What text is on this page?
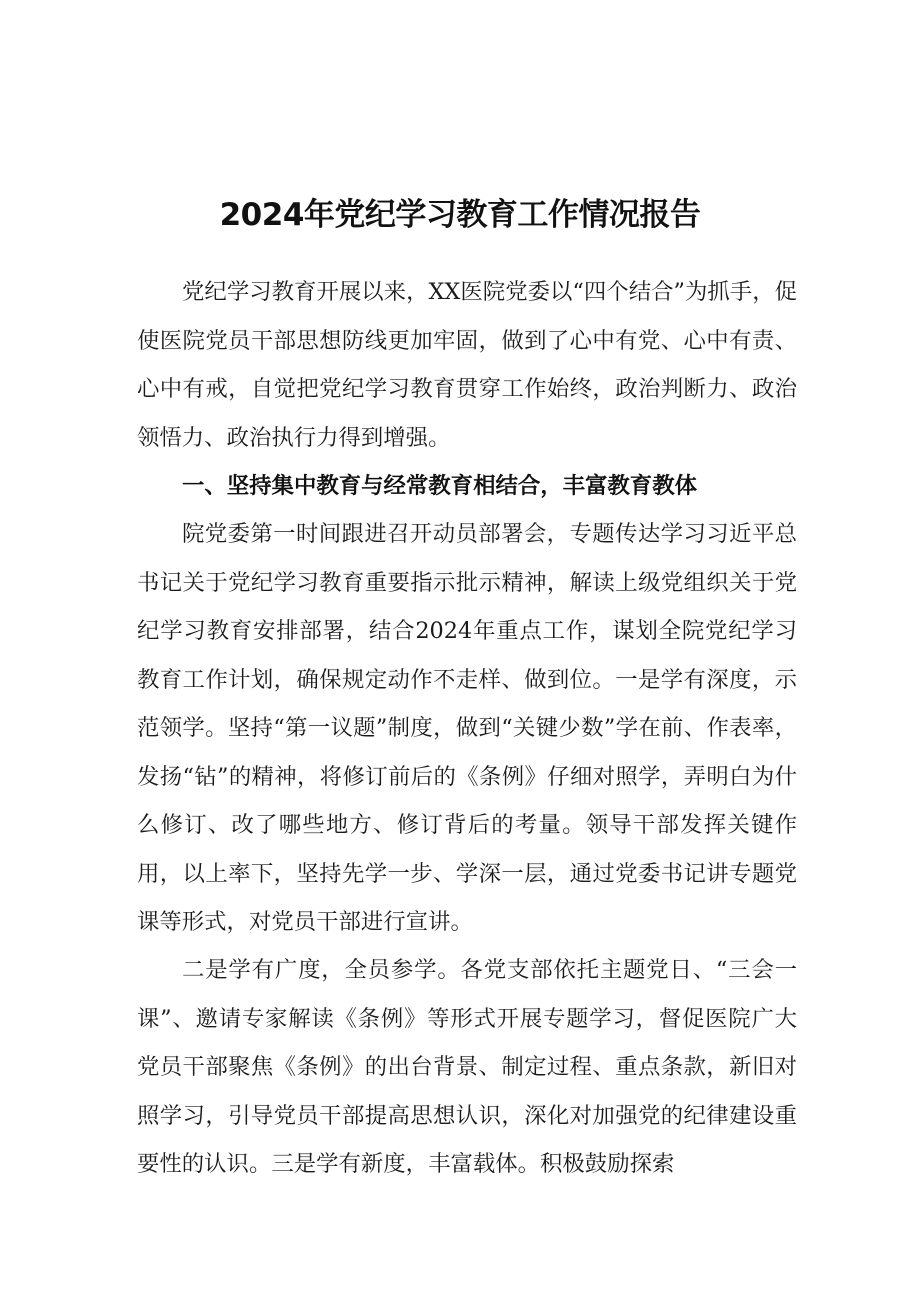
2024年党纪学习教育工作情况报告

党纪学习教育开展以来，XX医院党委以“四个结合”为抓手，促使医院党员干部思想防线更加牢固，做到了心中有党、心中有责、心中有戒，自觉把党纪学习教育贯穿工作始终，政治判断力、政治领悟力、政治执行力得到增强。

一、坚持集中教育与经常教育相结合，丰富教育教体

院党委第一时间跟进召开动员部署会，专题传达学习习近平总书记关于党纪学习教育重要指示批示精神，解读上级党组织关于党纪学习教育安排部署，结合2024年重点工作，谋划全院党纪学习教育工作计划，确保规定动作不走样、做到位。一是学有深度，示范领学。坚持“第一议题”制度，做到“关键少数”学在前、作表率，发扬“钻”的精神，将修订前后的《条例》仔细对照学，弄明白为什么修订、改了哪些地方、修订背后的考量。领导干部发挥关键作用，以上率下，坚持先学一步、学深一层，通过党委书记讲专题党课等形式，对党员干部进行宣讲。

二是学有广度，全员参学。各党支部依托主题党日、“三会一课”、邀请专家解读《条例》等形式开展专题学习，督促医院广大党员干部聚焦《条例》的出台背景、制定过程、重点条款，新旧对照学习，引导党员干部提高思想认识，深化对加强党的纪律建设重要性的认识。三是学有新度，丰富载体。积极鼓励探索
